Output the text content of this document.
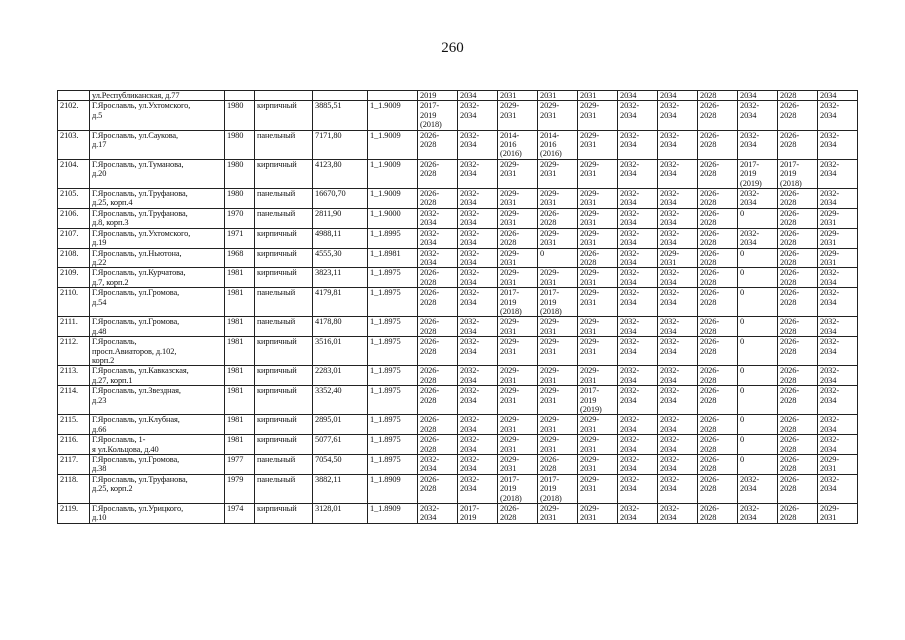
260
	ул.Республиканская, д.77					2019	2034	2031	2031	2031	2034	2034	2028	2034	2028	2034
2102.	Г.Ярославль, ул.Ухтомского,
д.5	1980	кирпичный	3885,51	1_1.9009	2017-
2019
(2018)	2032-
2034	2029-
2031	2029-
2031	2029-
2031	2032-
2034	2032-
2034	2026-
2028	2032-
2034	2026-
2028	2032-
2034
2103.	Г.Ярославль, ул.Саукова,
д.17	1980	панельный	7171,80	1_1.9009	2026-
2028	2032-
2034	2014-
2016
(2016)	2014-
2016
(2016)	2029-
2031	2032-
2034	2032-
2034	2026-
2028	2032-
2034	2026-
2028	2032-
2034
2104.	Г.Ярославль, ул.Туманова,
д.20	1980	кирпичный	4123,80	1_1.9009	2026-
2028	2032-
2034	2029-
2031	2029-
2031	2029-
2031	2032-
2034	2032-
2034	2026-
2028	2017-
2019
(2019)	2017-
2019
(2018)	2032-
2034
2105.	Г.Ярославль, ул.Труфанова,
д.25, корп.4	1980	панельный	16670,70	1_1.9009	2026-
2028	2032-
2034	2029-
2031	2029-
2031	2029-
2031	2032-
2034	2032-
2034	2026-
2028	2032-
2034	2026-
2028	2032-
2034
2106.	Г.Ярославль, ул.Труфанова,
д.8, корп.3	1970	панельный	2811,90	1_1.9000	2032-
2034	2032-
2034	2029-
2031	2026-
2028	2029-
2031	2032-
2034	2032-
2034	2026-
2028	0	2026-
2028	2029-
2031
2107.	Г.Ярославль, ул.Ухтомского,
д.19	1971	кирпичный	4988,11	1_1.8995	2032-
2034	2032-
2034	2026-
2028	2029-
2031	2029-
2031	2032-
2034	2032-
2034	2026-
2028	2032-
2034	2026-
2028	2029-
2031
2108.	Г.Ярославль, ул.Ньютона,
д.22	1968	кирпичный	4555,30	1_1.8981	2032-
2034	2032-
2034	2029-
2031	0	2026-
2028	2032-
2034	2029-
2031	2026-
2028	0	2026-
2028	2029-
2031
2109.	Г.Ярославль, ул.Курчатова,
д.7, корп.2	1981	кирпичный	3823,11	1_1.8975	2026-
2028	2032-
2034	2029-
2031	2029-
2031	2029-
2031	2032-
2034	2032-
2034	2026-
2028	0	2026-
2028	2032-
2034
2110.	Г.Ярославль, ул.Громова,
д.54	1981	панельный	4179,81	1_1.8975	2026-
2028	2032-
2034	2017-
2019
(2018)	2017-
2019
(2018)	2029-
2031	2032-
2034	2032-
2034	2026-
2028	0	2026-
2028	2032-
2034
2111.	Г.Ярославль, ул.Громова,
д.48	1981	панельный	4178,80	1_1.8975	2026-
2028	2032-
2034	2029-
2031	2029-
2031	2029-
2031	2032-
2034	2032-
2034	2026-
2028	0	2026-
2028	2032-
2034
2112.	Г.Ярославль,
просп.Авиаторов, д.102,
корп.2	1981	кирпичный	3516,01	1_1.8975	2026-
2028	2032-
2034	2029-
2031	2029-
2031	2029-
2031	2032-
2034	2032-
2034	2026-
2028	0	2026-
2028	2032-
2034
2113.	Г.Ярославль, ул.Кавказская,
д.27, корп.1	1981	кирпичный	2283,01	1_1.8975	2026-
2028	2032-
2034	2029-
2031	2029-
2031	2029-
2031	2032-
2034	2032-
2034	2026-
2028	0	2026-
2028	2032-
2034
2114.	Г.Ярославль, ул.Звездная,
д.23	1981	кирпичный	3352,40	1_1.8975	2026-
2028	2032-
2034	2029-
2031	2029-
2031	2017-
2019
(2019)	2032-
2034	2032-
2034	2026-
2028	0	2026-
2028	2032-
2034
2115.	Г.Ярославль, ул.Клубная,
д.66	1981	кирпичный	2895,01	1_1.8975	2026-
2028	2032-
2034	2029-
2031	2029-
2031	2029-
2031	2032-
2034	2032-
2034	2026-
2028	0	2026-
2028	2032-
2034
2116.	Г.Ярославль, 1-
я ул.Кольцова, д.40	1981	кирпичный	5077,61	1_1.8975	2026-
2028	2032-
2034	2029-
2031	2029-
2031	2029-
2031	2032-
2034	2032-
2034	2026-
2028	0	2026-
2028	2032-
2034
2117.	Г.Ярославль, ул.Громова,
д.38	1977	панельный	7054,50	1_1.8975	2032-
2034	2032-
2034	2029-
2031	2026-
2028	2029-
2031	2032-
2034	2032-
2034	2026-
2028	0	2026-
2028	2029-
2031
2118.	Г.Ярославль, ул.Труфанова,
д.25, корп.2	1979	панельный	3882,11	1_1.8909	2026-
2028	2032-
2034	2017-
2019
(2018)	2017-
2019
(2018)	2029-
2031	2032-
2034	2032-
2034	2026-
2028	2032-
2034	2026-
2028	2032-
2034
2119.	Г.Ярославль, ул.Урицкого,
д.10	1974	кирпичный	3128,01	1_1.8909	2032-
2034	2017-
2019	2026-
2028	2029-
2031	2029-
2031	2032-
2034	2032-
2034	2026-
2028	2032-
2034	2026-
2028	2029-
2031
